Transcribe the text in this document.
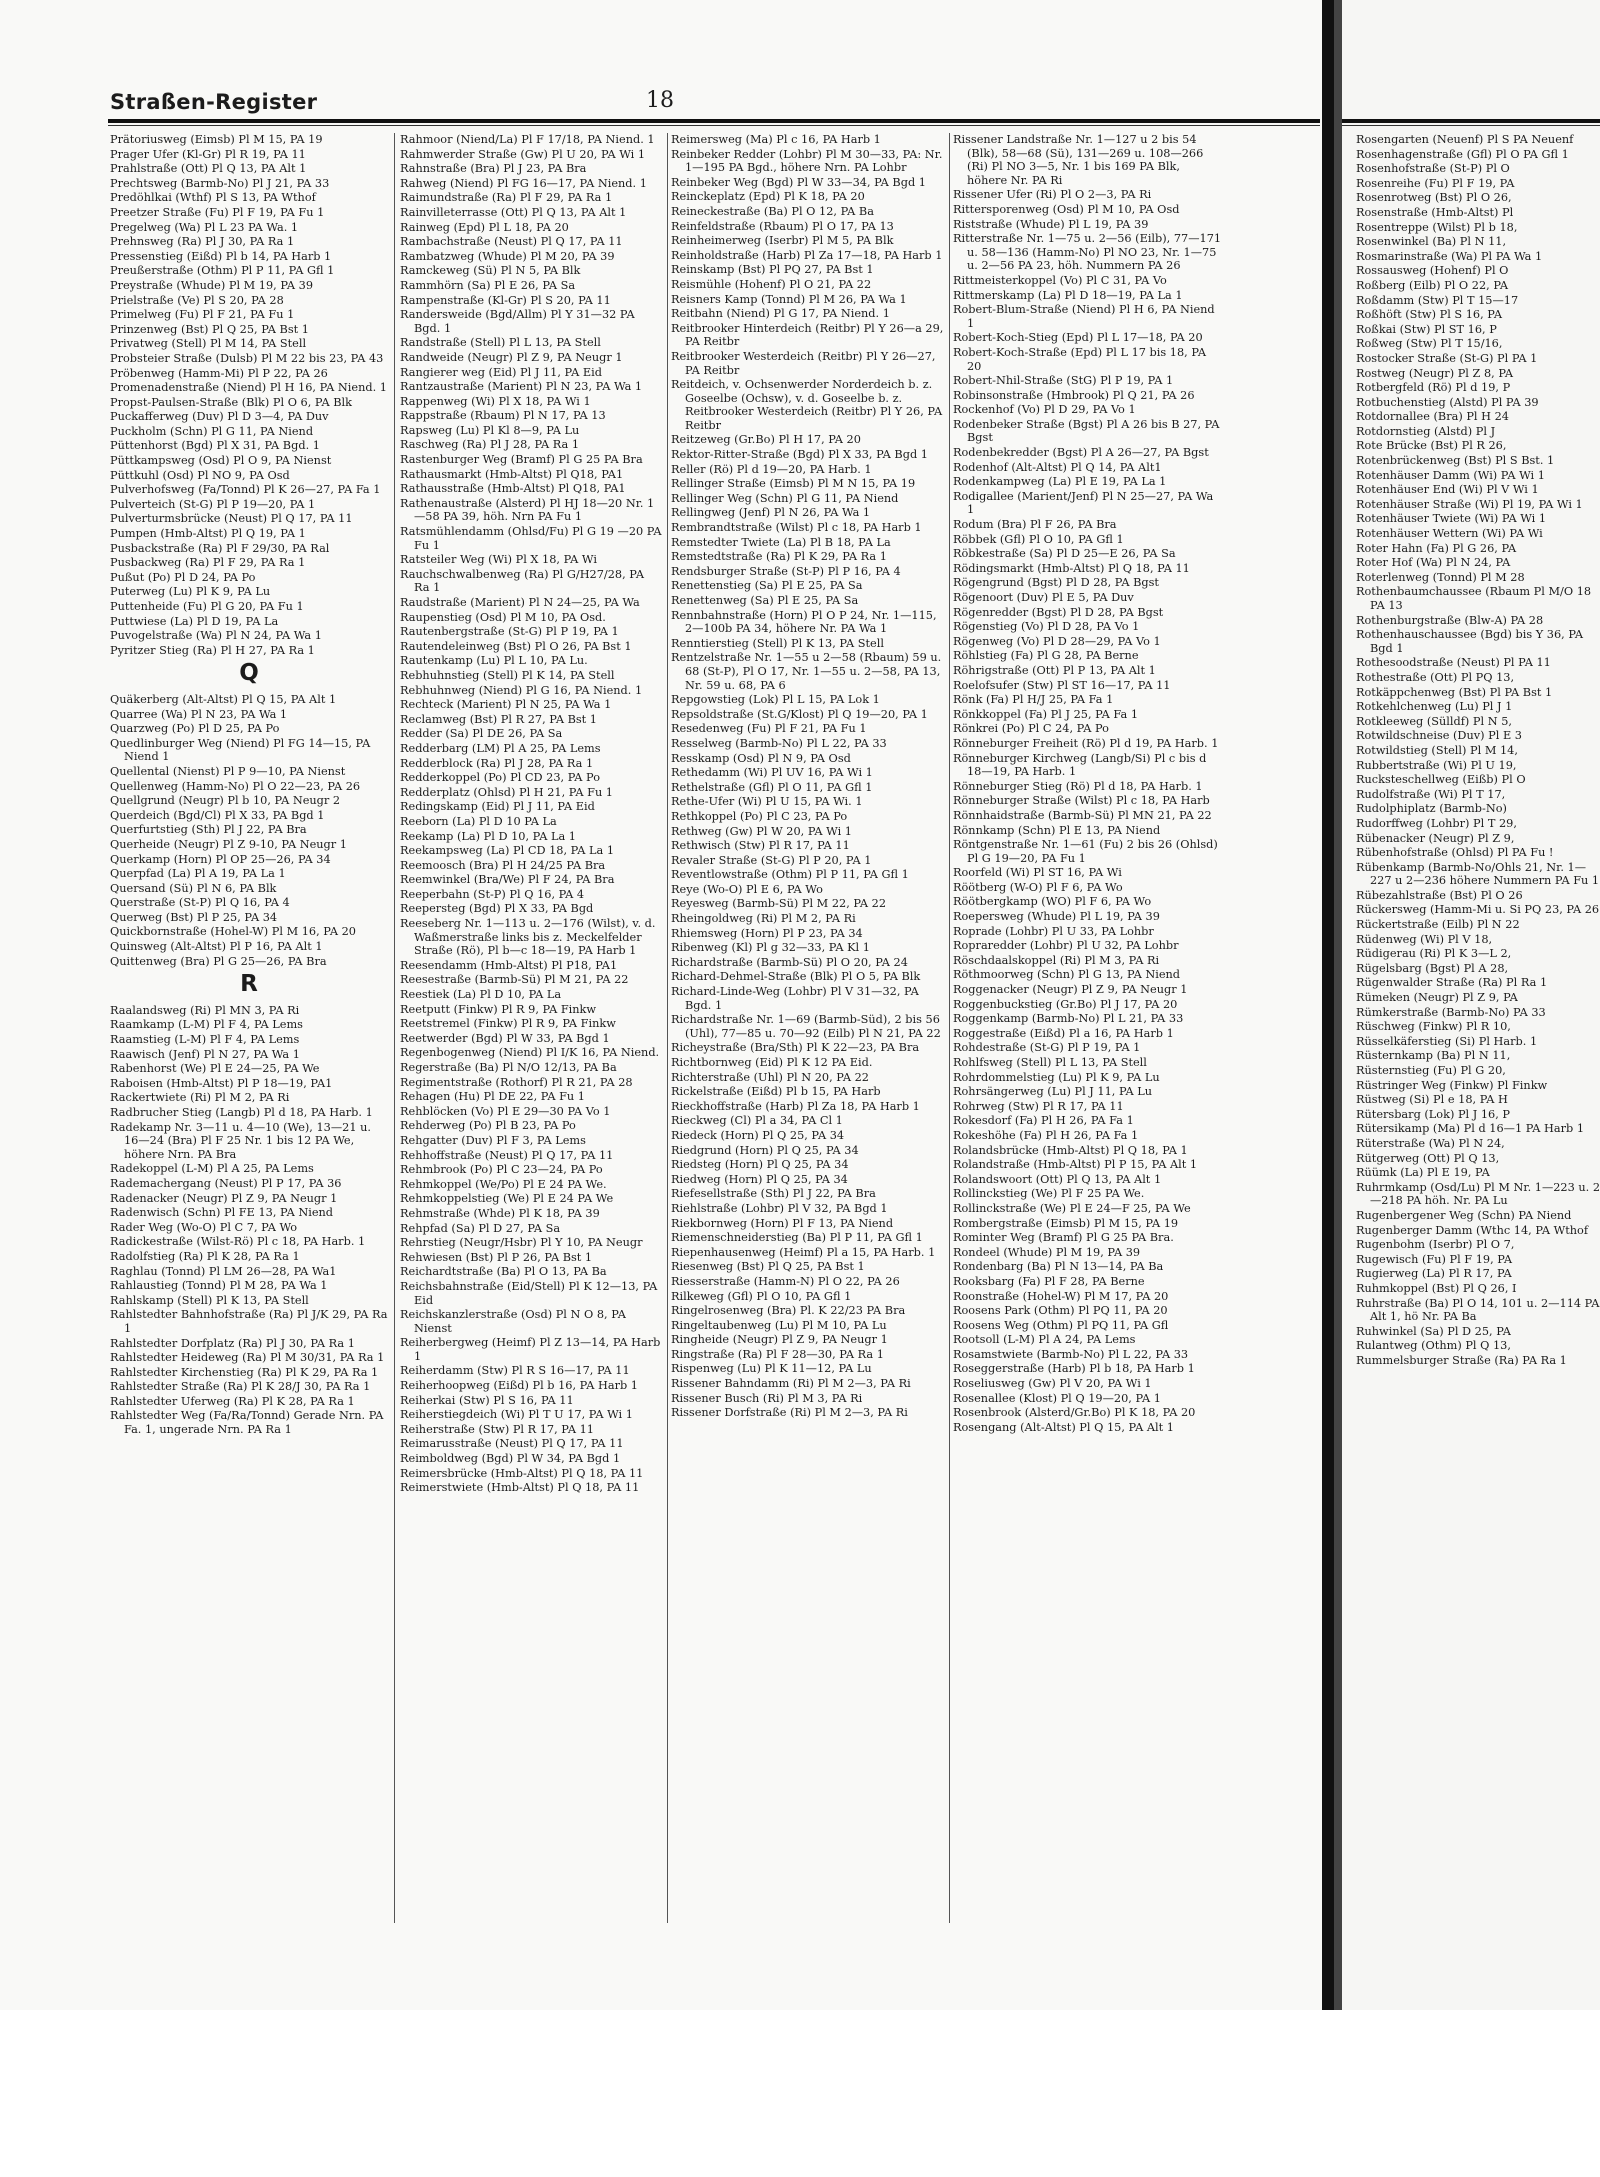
Straßen-Register	18
Prätoriusweg (Eimsb) Pl M 15, PA 19
Prager Ufer (Kl-Gr) Pl R 19, PA 11
Prahlstraße (Ott) Pl Q 13, PA Alt 1
Prechtsweg (Barmb-No) Pl J 21, PA 33
Predöhlkai (Wthf) Pl S 13, PA Wthof
Preetzer Straße (Fu) Pl F 19, PA Fu 1
Pregelweg (Wa) Pl L 23 PA Wa. 1
Prehnsweg (Ra) Pl J 30, PA Ra 1
Pressenstieg (Eißd) Pl b 14, PA Harb 1
Preußerstraße (Othm) Pl P 11, PA Gfl 1
Preystraße (Whude) Pl M 19, PA 39
Prielstraße (Ve) Pl S 20, PA 28
Primelweg (Fu) Pl F 21, PA Fu 1
Prinzenweg (Bst) Pl Q 25, PA Bst 1
Privatweg (Stell) Pl M 14, PA Stell
Probsteier Straße (Dulsb) Pl M 22 bis 23, PA 43
Pröbenweg (Hamm-Mi) Pl P 22, PA 26
Promenadenstraße (Niend) Pl H 16, PA Niend. 1
Propst-Paulsen-Straße (Blk) Pl O 6, PA Blk
Puckafferweg (Duv) Pl D 3—4, PA Duv
Puckholm (Schn) Pl G 11, PA Niend
Püttenhorst (Bgd) Pl X 31, PA Bgd. 1
Püttkampsweg (Osd) Pl O 9, PA Nienst
Püttkuhl (Osd) Pl NO 9, PA Osd
Pulverhofsweg (Fa/Tonnd) Pl K 26—27, PA Fa 1
Pulverteich (St-G) Pl P 19—20, PA 1
Pulverturmsbrücke (Neust) Pl Q 17, PA 11
Pumpen (Hmb-Altst) Pl Q 19, PA 1
Pusbackstraße (Ra) Pl F 29/30, PA Ral
Pusbackweg (Ra) Pl F 29, PA Ra 1
Pußut (Po) Pl D 24, PA Po
Puterweg (Lu) Pl K 9, PA Lu
Puttenheide (Fu) Pl G 20, PA Fu 1
Puttwiese (La) Pl D 19, PA La
Puvogelstraße (Wa) Pl N 24, PA Wa 1
Pyritzer Stieg (Ra) Pl H 27, PA Ra 1
Q
Quäkerberg (Alt-Altst) Pl Q 15, PA Alt 1
Quarree (Wa) Pl N 23, PA Wa 1
Quarzweg (Po) Pl D 25, PA Po
Quedlinburger Weg (Niend) Pl FG 14—15, PA Niend 1
Quellental (Nienst) Pl P 9—10, PA Nienst
Quellenweg (Hamm-No) Pl O 22—23, PA 26
Quellgrund (Neugr) Pl b 10, PA Neugr 2
Querdeich (Bgd/Cl) Pl X 33, PA Bgd 1
Querfurtstieg (Sth) Pl J 22, PA Bra
Querheide (Neugr) Pl Z 9-10, PA Neugr 1
Querkamp (Horn) Pl OP 25—26, PA 34
Querpfad (La) Pl A 19, PA La 1
Quersand (Sü) Pl N 6, PA Blk
Querstraße (St-P) Pl Q 16, PA 4
Querweg (Bst) Pl P 25, PA 34
Quickbornstraße (Hohel-W) Pl M 16, PA 20
Quinsweg (Alt-Altst) Pl P 16, PA Alt 1
Quittenweg (Bra) Pl G 25—26, PA Bra
R
Raalandsweg (Ri) Pl MN 3, PA Ri
Raamkamp (L-M) Pl F 4, PA Lems
Raamstieg (L-M) Pl F 4, PA Lems
Raawisch (Jenf) Pl N 27, PA Wa 1
Rabenhorst (We) Pl E 24—25, PA We
Raboisen (Hmb-Altst) Pl P 18—19, PA1
Rackertwiete (Ri) Pl M 2, PA Ri
Radbrucher Stieg (Langb) Pl d 18, PA Harb. 1
Radekamp Nr. 3—11 u. 4—10 (We), 13—21 u. 16—24 (Bra) Pl F 25 Nr. 1 bis 12 PA We, höhere Nrn. PA Bra
Radekoppel (L-M) Pl A 25, PA Lems
Rademachergang (Neust) Pl P 17, PA 36
Radenacker (Neugr) Pl Z 9, PA Neugr 1
Radenwisch (Schn) Pl FE 13, PA Niend
Rader Weg (Wo-O) Pl C 7, PA Wo
Radickestraße (Wilst-Rö) Pl c 18, PA Harb. 1
Radolfstieg (Ra) Pl K 28, PA Ra 1
Raghlau (Tonnd) Pl LM 26—28, PA Wa1
Rahlaustieg (Tonnd) Pl M 28, PA Wa 1
Rahlskamp (Stell) Pl K 13, PA Stell
Rahlstedter Bahnhofstraße (Ra) Pl J/K 29, PA Ra 1
Rahlstedter Dorfplatz (Ra) Pl J 30, PA Ra 1
Rahlstedter Heideweg (Ra) Pl M 30/31, PA Ra 1
Rahlstedter Kirchenstieg (Ra) Pl K 29, PA Ra 1
Rahlstedter Straße (Ra) Pl K 28/J 30, PA Ra 1
Rahlstedter Uferweg (Ra) Pl K 28, PA Ra 1
Rahlstedter Weg (Fa/Ra/Tonnd) Gerade Nrn. PA Fa. 1, ungerade Nrn. PA Ra 1
Rahmoor (Niend/La) Pl F 17/18, PA Niend. 1
Rahmwerder Straße (Gw) Pl U 20, PA Wi 1
Rahnstraße (Bra) Pl J 23, PA Bra
Rahweg (Niend) Pl FG 16—17, PA Niend. 1
Raimundstraße (Ra) Pl F 29, PA Ra 1
Rainvilleterrasse (Ott) Pl Q 13, PA Alt 1
Rainweg (Epd) Pl L 18, PA 20
Rambachstraße (Neust) Pl Q 17, PA 11
Rambatzweg (Whude) Pl M 20, PA 39
Ramckeweg (Sü) Pl N 5, PA Blk
Rammhörn (Sa) Pl E 26, PA Sa
Rampenstraße (Kl-Gr) Pl S 20, PA 11
Randersweide (Bgd/Allm) Pl Y 31—32 PA Bgd. 1
Randstraße (Stell) Pl L 13, PA Stell
Randweide (Neugr) Pl Z 9, PA Neugr 1
Rangierer weg (Eid) Pl J 11, PA Eid
Rantzaustraße (Marient) Pl N 23, PA Wa 1
Rappenweg (Wi) Pl X 18, PA Wi 1
Rappstraße (Rbaum) Pl N 17, PA 13
Rapsweg (Lu) Pl Kl 8—9, PA Lu
Raschweg (Ra) Pl J 28, PA Ra 1
Rastenburger Weg (Bramf) Pl G 25 PA Bra
Rathausmarkt (Hmb-Altst) Pl Q18, PA1
Rathausstraße (Hmb-Altst) Pl Q18, PA1
Rathenaustraße (Alsterd) Pl HJ 18—20 Nr. 1—58 PA 39, höh. Nrn PA Fu 1
Ratsmühlendamm (Ohlsd/Fu) Pl G 19 —20 PA Fu 1
Ratsteiler Weg (Wi) Pl X 18, PA Wi
Rauchschwalbenweg (Ra) Pl G/H27/28, PA Ra 1
Raudstraße (Marient) Pl N 24—25, PA Wa
Raupenstieg (Osd) Pl M 10, PA Osd.
Rautenbergstraße (St-G) Pl P 19, PA 1
Rautendeleinweg (Bst) Pl O 26, PA Bst 1
Rautenkamp (Lu) Pl L 10, PA Lu.
Rebhuhnstieg (Stell) Pl K 14, PA Stell
Rebhuhnweg (Niend) Pl G 16, PA Niend. 1
Rechteck (Marient) Pl N 25, PA Wa 1
Reclamweg (Bst) Pl R 27, PA Bst 1
Redder (Sa) Pl DE 26, PA Sa
Redderbarg (LM) Pl A 25, PA Lems
Redderblock (Ra) Pl J 28, PA Ra 1
Redderkoppel (Po) Pl CD 23, PA Po
Redderplatz (Ohlsd) Pl H 21, PA Fu 1
Redingskamp (Eid) Pl J 11, PA Eid
Reeborn (La) Pl D 10 PA La
Reekamp (La) Pl D 10, PA La 1
Reekampsweg (La) Pl CD 18, PA La 1
Reemoosch (Bra) Pl H 24/25 PA Bra
Reemwinkel (Bra/We) Pl F 24, PA Bra
Reeperbahn (St-P) Pl Q 16, PA 4
Reepersteg (Bgd) Pl X 33, PA Bgd
Reeseberg Nr. 1—113 u. 2—176 (Wilst), v. d. Waßmerstraße links bis z. Meckelfelder Straße (Rö), Pl b—c 18—19, PA Harb 1
Reesendamm (Hmb-Altst) Pl P18, PA1
Reesestraße (Barmb-Sü) Pl M 21, PA 22
Reestiek (La) Pl D 10, PA La
Reetputt (Finkw) Pl R 9, PA Finkw
Reetstremel (Finkw) Pl R 9, PA Finkw
Reetwerder (Bgd) Pl W 33, PA Bgd 1
Regenbogenweg (Niend) Pl I/K 16, PA Niend.
Regerstraße (Ba) Pl N/O 12/13, PA Ba
Regimentstraße (Rothorf) Pl R 21, PA 28
Rehagen (Hu) Pl DE 22, PA Fu 1
Rehblöcken (Vo) Pl E 29—30 PA Vo 1
Rehderweg (Po) Pl B 23, PA Po
Rehgatter (Duv) Pl F 3, PA Lems
Rehhoffstraße (Neust) Pl Q 17, PA 11
Rehmbrook (Po) Pl C 23—24, PA Po
Rehmkoppel (We/Po) Pl E 24 PA We.
Rehmkoppelstieg (We) Pl E 24 PA We
Rehmstraße (Whde) Pl K 18, PA 39
Rehpfad (Sa) Pl D 27, PA Sa
Rehrstieg (Neugr/Hsbr) Pl Y 10, PA Neugr
Rehwiesen (Bst) Pl P 26, PA Bst 1
Reichardtstraße (Ba) Pl O 13, PA Ba
Reichsbahnstraße (Eid/Stell) Pl K 12—13, PA Eid
Reichskanzlerstraße (Osd) Pl N O 8, PA Nienst
Reiherbergweg (Heimf) Pl Z 13—14, PA Harb 1
Reiherdamm (Stw) Pl R S 16—17, PA 11
Reiherhoopweg (Eißd) Pl b 16, PA Harb 1
Reiherkai (Stw) Pl S 16, PA 11
Reiherstiegdeich (Wi) Pl T U 17, PA Wi 1
Reiherstraße (Stw) Pl R 17, PA 11
Reimarusstraße (Neust) Pl Q 17, PA 11
Reimboldweg (Bgd) Pl W 34, PA Bgd 1
Reimersbrücke (Hmb-Altst) Pl Q 18, PA 11
Reimerstwiete (Hmb-Altst) Pl Q 18, PA 11
Reimersweg (Ma) Pl c 16, PA Harb 1
Reinbeker Redder (Lohbr) Pl M 30—33, PA: Nr. 1—195 PA Bgd., höhere Nrn. PA Lohbr
Reinbeker Weg (Bgd) Pl W 33—34, PA Bgd 1
Reinckeplatz (Epd) Pl K 18, PA 20
Reineckestraße (Ba) Pl O 12, PA Ba
Reinfeldstraße (Rbaum) Pl O 17, PA 13
Reinheimerweg (Iserbr) Pl M 5, PA Blk
Reinholdstraße (Harb) Pl Za 17—18, PA Harb 1
Reinskamp (Bst) Pl PQ 27, PA Bst 1
Reismühle (Hohenf) Pl O 21, PA 22
Reisners Kamp (Tonnd) Pl M 26, PA Wa 1
Reitbahn (Niend) Pl G 17, PA Niend. 1
Reitbrooker Hinterdeich (Reitbr) Pl Y 26—a 29, PA Reitbr
Reitbrooker Westerdeich (Reitbr) Pl Y 26—27, PA Reitbr
Reitdeich, v. Ochsenwerder Norderdeich b. z. Goseelbe (Ochsw), v. d. Goseelbe b. z. Reitbrooker Westerdeich (Reitbr) Pl Y 26, PA Reitbr
Reitzeweg (Gr.Bo) Pl H 17, PA 20
Rektor-Ritter-Straße (Bgd) Pl X 33, PA Bgd 1
Reller (Rö) Pl d 19—20, PA Harb. 1
Rellinger Straße (Eimsb) Pl M N 15, PA 19
Rellinger Weg (Schn) Pl G 11, PA Niend
Rellingweg (Jenf) Pl N 26, PA Wa 1
Rembrandtstraße (Wilst) Pl c 18, PA Harb 1
Remstedter Twiete (La) Pl B 18, PA La
Remstedtstraße (Ra) Pl K 29, PA Ra 1
Rendsburger Straße (St-P) Pl P 16, PA 4
Renettenstieg (Sa) Pl E 25, PA Sa
Renettenweg (Sa) Pl E 25, PA Sa
Rennbahnstraße (Horn) Pl O P 24, Nr. 1—115, 2—100b PA 34, höhere Nr. PA Wa 1
Renntierstieg (Stell) Pl K 13, PA Stell
Rentzelstraße Nr. 1—55 u 2—58 (Rbaum) 59 u. 68 (St-P), Pl O 17, Nr. 1—55 u. 2—58, PA 13, Nr. 59 u. 68, PA 6
Repgowstieg (Lok) Pl L 15, PA Lok 1
Repsoldstraße (St.G/Klost) Pl Q 19—20, PA 1
Resedenweg (Fu) Pl F 21, PA Fu 1
Resselweg (Barmb-No) Pl L 22, PA 33
Resskamp (Osd) Pl N 9, PA Osd
Rethedamm (Wi) Pl UV 16, PA Wi 1
Rethelstraße (Gfl) Pl O 11, PA Gfl 1
Rethe-Ufer (Wi) Pl U 15, PA Wi. 1
Rethkoppel (Po) Pl C 23, PA Po
Rethweg (Gw) Pl W 20, PA Wi 1
Rethwisch (Stw) Pl R 17, PA 11
Revaler Straße (St-G) Pl P 20, PA 1
Reventlowstraße (Othm) Pl P 11, PA Gfl 1
Reye (Wo-O) Pl E 6, PA Wo
Reyesweg (Barmb-Sü) Pl M 22, PA 22
Rheingoldweg (Ri) Pl M 2, PA Ri
Rhiemsweg (Horn) Pl P 23, PA 34
Ribenweg (Kl) Pl g 32—33, PA Kl 1
Richardstraße (Barmb-Sü) Pl O 20, PA 24
Richard-Dehmel-Straße (Blk) Pl O 5, PA Blk
Richard-Linde-Weg (Lohbr) Pl V 31—32, PA Bgd. 1
Richardstraße Nr. 1—69 (Barmb-Süd), 2 bis 56 (Uhl), 77—85 u. 70—92 (Eilb) Pl N 21, PA 22
Richeystraße (Bra/Sth) Pl K 22—23, PA Bra
Richtbornweg (Eid) Pl K 12 PA Eid.
Richterstraße (Uhl) Pl N 20, PA 22
Rickelstraße (Eißd) Pl b 15, PA Harb
Rieckhoffstraße (Harb) Pl Za 18, PA Harb 1
Rieckweg (Cl) Pl a 34, PA Cl 1
Riedeck (Horn) Pl Q 25, PA 34
Riedgrund (Horn) Pl Q 25, PA 34
Riedsteg (Horn) Pl Q 25, PA 34
Riedweg (Horn) Pl Q 25, PA 34
Riefesellstraße (Sth) Pl J 22, PA Bra
Riehlstraße (Lohbr) Pl V 32, PA Bgd 1
Riekbornweg (Horn) Pl F 13, PA Niend
Riemenschneiderstieg (Ba) Pl P 11, PA Gfl 1
Riepenhausenweg (Heimf) Pl a 15, PA Harb. 1
Riesenweg (Bst) Pl Q 25, PA Bst 1
Riesserstraße (Hamm-N) Pl O 22, PA 26
Rilkeweg (Gfl) Pl O 10, PA Gfl 1
Ringelrosenweg (Bra) Pl. K 22/23 PA Bra
Ringeltaubenweg (Lu) Pl M 10, PA Lu
Ringheide (Neugr) Pl Z 9, PA Neugr 1
Ringstraße (Ra) Pl F 28—30, PA Ra 1
Rispenweg (Lu) Pl K 11—12, PA Lu
Rissener Bahndamm (Ri) Pl M 2—3, PA Ri
Rissener Busch (Ri) Pl M 3, PA Ri
Rissener Dorfstraße (Ri) Pl M 2—3, PA Ri
Rissener Landstraße Nr. 1—127 u 2 bis 54 (Blk), 58—68 (Sü), 131—269 u. 108—266 (Ri) Pl NO 3—5, Nr. 1 bis 169 PA Blk, höhere Nr. PA Ri
Rissener Ufer (Ri) Pl O 2—3, PA Ri
Rittersporenweg (Osd) Pl M 10, PA Osd
Riststraße (Whude) Pl L 19, PA 39
Ritterstraße Nr. 1—75 u. 2—56 (Eilb), 77—171 u. 58—136 (Hamm-No) Pl NO 23, Nr. 1—75 u. 2—56 PA 23, höh. Nummern PA 26
Rittmeisterkoppel (Vo) Pl C 31, PA Vo
Rittmerskamp (La) Pl D 18—19, PA La 1
Robert-Blum-Straße (Niend) Pl H 6, PA Niend 1
Robert-Koch-Stieg (Epd) Pl L 17—18, PA 20
Robert-Koch-Straße (Epd) Pl L 17 bis 18, PA 20
Robert-Nhil-Straße (StG) Pl P 19, PA 1
Robinsonstraße (Hmbrook) Pl Q 21, PA 26
Rockenhof (Vo) Pl D 29, PA Vo 1
Rodenbeker Straße (Bgst) Pl A 26 bis B 27, PA Bgst
Rodenbekredder (Bgst) Pl A 26—27, PA Bgst
Rodenhof (Alt-Altst) Pl Q 14, PA Alt1
Rodenkampweg (La) Pl E 19, PA La 1
Rodigallee (Marient/Jenf) Pl N 25—27, PA Wa 1
Rodum (Bra) Pl F 26, PA Bra
Röbbek (Gfl) Pl O 10, PA Gfl 1
Röbkestraße (Sa) Pl D 25—E 26, PA Sa
Rödingsmarkt (Hmb-Altst) Pl Q 18, PA 11
Rögengrund (Bgst) Pl D 28, PA Bgst
Rögenoort (Duv) Pl E 5, PA Duv
Rögenredder (Bgst) Pl D 28, PA Bgst
Rögenstieg (Vo) Pl D 28, PA Vo 1
Rögenweg (Vo) Pl D 28—29, PA Vo 1
Röhlstieg (Fa) Pl G 28, PA Berne
Röhrigstraße (Ott) Pl P 13, PA Alt 1
Roelofsufer (Stw) Pl ST 16—17, PA 11
Rönk (Fa) Pl H/J 25, PA Fa 1
Rönkkoppel (Fa) Pl J 25, PA Fa 1
Rönkrei (Po) Pl C 24, PA Po
Rönneburger Freiheit (Rö) Pl d 19, PA Harb. 1
Rönneburger Kirchweg (Langb/Si) Pl c bis d 18—19, PA Harb. 1
Rönneburger Stieg (Rö) Pl d 18, PA Harb. 1
Rönneburger Straße (Wilst) Pl c 18, PA Harb
Rönnhaidstraße (Barmb-Sü) Pl MN 21, PA 22
Rönnkamp (Schn) Pl E 13, PA Niend
Röntgenstraße Nr. 1—61 (Fu) 2 bis 26 (Ohlsd) Pl G 19—20, PA Fu 1
Roorfeld (Wi) Pl ST 16, PA Wi
Röötberg (W-O) Pl F 6, PA Wo
Röötbergkamp (WO) Pl F 6, PA Wo
Roepersweg (Whude) Pl L 19, PA 39
Roprade (Lohbr) Pl U 33, PA Lohbr
Ropraredder (Lohbr) Pl U 32, PA Lohbr
Röschdaalskoppel (Ri) Pl M 3, PA Ri
Röthmoorweg (Schn) Pl G 13, PA Niend
Roggenacker (Neugr) Pl Z 9, PA Neugr 1
Roggenbuckstieg (Gr.Bo) Pl J 17, PA 20
Roggenkamp (Barmb-No) Pl L 21, PA 33
Roggestraße (Eißd) Pl a 16, PA Harb 1
Rohdestraße (St-G) Pl P 19, PA 1
Rohlfsweg (Stell) Pl L 13, PA Stell
Rohrdommelstieg (Lu) Pl K 9, PA Lu
Rohrsängerweg (Lu) Pl J 11, PA Lu
Rohrweg (Stw) Pl R 17, PA 11
Rokesdorf (Fa) Pl H 26, PA Fa 1
Rokeshöhe (Fa) Pl H 26, PA Fa 1
Rolandsbrücke (Hmb-Altst) Pl Q 18, PA 1
Rolandstraße (Hmb-Altst) Pl P 15, PA Alt 1
Rolandswoort (Ott) Pl Q 13, PA Alt 1
Rollinckstieg (We) Pl F 25 PA We.
Rollinckstraße (We) Pl E 24—F 25, PA We
Rombergstraße (Eimsb) Pl M 15, PA 19
Rominter Weg (Bramf) Pl G 25 PA Bra.
Rondeel (Whude) Pl M 19, PA 39
Rondenbarg (Ba) Pl N 13—14, PA Ba
Rooksbarg (Fa) Pl F 28, PA Berne
Roonstraße (Hohel-W) Pl M 17, PA 20
Roosens Park (Othm) Pl PQ 11, PA 20
Roosens Weg (Othm) Pl PQ 11, PA Gfl
Rootsoll (L-M) Pl A 24, PA Lems
Rosamstwiete (Barmb-No) Pl L 22, PA 33
Roseggerstraße (Harb) Pl b 18, PA Harb 1
Roseliusweg (Gw) Pl V 20, PA Wi 1
Rosenallee (Klost) Pl Q 19—20, PA 1
Rosenbrook (Alsterd/Gr.Bo) Pl K 18, PA 20
Rosengang (Alt-Altst) Pl Q 15, PA Alt 1
Rosengarten (Neuenf) Pl S PA Neuenf
Rosenhagenstraße (Gfl) Pl O PA Gfl 1
Rosenhofstraße (St-P) Pl O
Rosenreihe (Fu) Pl F 19, PA
Rosenrotweg (Bst) Pl O 26,
Rosenstraße (Hmb-Altst) Pl
Rosentreppe (Wilst) Pl b 18,
Rosenwinkel (Ba) Pl N 11,
Rosmarinstraße (Wa) Pl PA Wa 1
Rossausweg (Hohenf) Pl O
Roßberg (Eilb) Pl O 22, PA
Roßdamm (Stw) Pl T 15—17
Roßhöft (Stw) Pl S 16, PA
Roßkai (Stw) Pl ST 16, P
Roßweg (Stw) Pl T 15/16,
Rostocker Straße (St-G) Pl PA 1
Rostweg (Neugr) Pl Z 8, PA
Rotbergfeld (Rö) Pl d 19, P
Rotbuchenstieg (Alstd) Pl PA 39
Rotdornallee (Bra) Pl H 24
Rotdornstieg (Alstd) Pl J
Rote Brücke (Bst) Pl R 26,
Rotenbrückenweg (Bst) Pl S Bst. 1
Rotenhäuser Damm (Wi) PA Wi 1
Rotenhäuser End (Wi) Pl V Wi 1
Rotenhäuser Straße (Wi) Pl 19, PA Wi 1
Rotenhäuser Twiete (Wi) PA Wi 1
Rotenhäuser Wettern (Wi) PA Wi
Roter Hahn (Fa) Pl G 26, PA
Roter Hof (Wa) Pl N 24, PA
Roterlenweg (Tonnd) Pl M 28
Rothenbaumchaussee (Rbaum Pl M/O 18 PA 13
Rothenburgstraße (Blw-A) PA 28
Rothenhauschaussee (Bgd) bis Y 36, PA Bgd 1
Rothesoodstraße (Neust) Pl PA 11
Rothestraße (Ott) Pl PQ 13,
Rotkäppchenweg (Bst) Pl PA Bst 1
Rotkehlchenweg (Lu) Pl J 1
Rotkleeweg (Sülldf) Pl N 5,
Rotwildschneise (Duv) Pl E 3
Rotwildstieg (Stell) Pl M 14,
Rubbertstraße (Wi) Pl U 19,
Rucksteschellweg (Eißb) Pl O
Rudolfstraße (Wi) Pl T 17,
Rudolphiplatz (Barmb-No)
Rudorffweg (Lohbr) Pl T 29,
Rübenacker (Neugr) Pl Z 9,
Rübenhofstraße (Ohlsd) Pl PA Fu !
Rübenkamp (Barmb-No/Ohls 21, Nr. 1—227 u 2—236 höhere Nummern PA Fu 1
Rübezahlstraße (Bst) Pl O 26
Rückersweg (Hamm-Mi u. Si PQ 23, PA 26
Rückertstraße (Eilb) Pl N 22
Rüdenweg (Wi) Pl V 18,
Rüdigerau (Ri) Pl K 3—L 2,
Rügelsbarg (Bgst) Pl A 28,
Rügenwalder Straße (Ra) Pl Ra 1
Rümeken (Neugr) Pl Z 9, PA
Rümkerstraße (Barmb-No) PA 33
Rüschweg (Finkw) Pl R 10,
Rüsselkäferstieg (Si) Pl Harb. 1
Rüsternkamp (Ba) Pl N 11,
Rüsternstieg (Fu) Pl G 20,
Rüstringer Weg (Finkw) Pl Finkw
Rüstweg (Si) Pl e 18, PA H
Rütersbarg (Lok) Pl J 16, P
Rütersikamp (Ma) Pl d 16—1 PA Harb 1
Rüterstraße (Wa) Pl N 24,
Rütgerweg (Ott) Pl Q 13,
Rüümk (La) Pl E 19, PA
Ruhrmkamp (Osd/Lu) Pl M Nr. 1—223 u. 2—218 PA höh. Nr. PA Lu
Rugenbergener Weg (Schn) PA Niend
Rugenberger Damm (Wthc 14, PA Wthof
Rugenbohm (Iserbr) Pl O 7,
Rugewisch (Fu) Pl F 19, PA
Rugierweg (La) Pl R 17, PA
Ruhmkoppel (Bst) Pl Q 26, I
Ruhrstraße (Ba) Pl O 14, 101 u. 2—114 PA Alt 1, hö Nr. PA Ba
Ruhwinkel (Sa) Pl D 25, PA
Rulantweg (Othm) Pl Q 13,
Rummelsburger Straße (Ra) PA Ra 1
